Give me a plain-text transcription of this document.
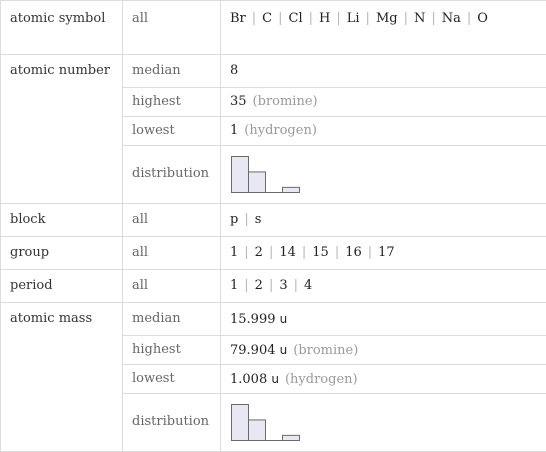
atomic symbol	all	Br | C | Cl | H | Li | Mg | N | Na | O
atomic number	median	8
	highest	35 (bromine)
	lowest	1 (hydrogen)
	distribution	

block	all	p | s
group	all	1 | 2 | 14 | 15 | 16 | 17
period	all	1 | 2 | 3 | 4
atomic mass	median	15.999 u
	highest	79.904 u (bromine)
	lowest	1.008 u (hydrogen)
	distribution	
